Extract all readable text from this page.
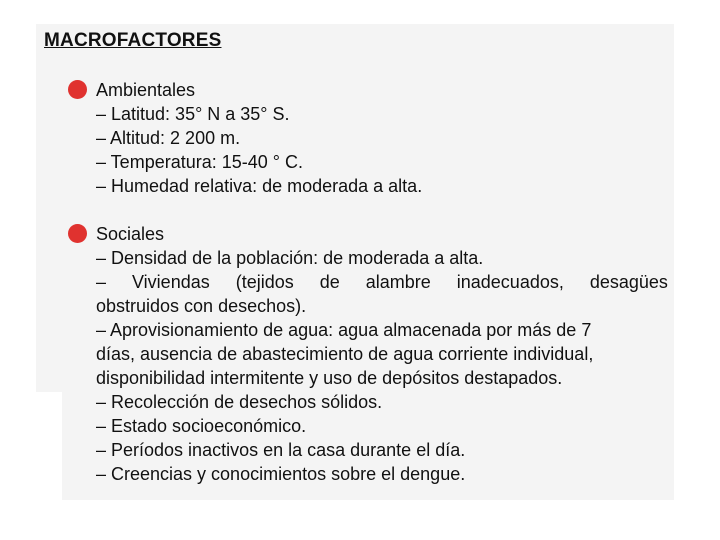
MACROFACTORES
Ambientales
– Latitud: 35° N a 35° S.
– Altitud: 2 200 m.
– Temperatura: 15-40 ° C.
– Humedad relativa: de moderada a alta.
Sociales
– Densidad de la población: de moderada a alta.
– Viviendas (tejidos de alambre inadecuados, desagües
obstruidos con desechos).
– Aprovisionamiento de agua: agua almacenada por más de 7
días, ausencia de abastecimiento de agua corriente individual,
disponibilidad intermitente y uso de depósitos destapados.
– Recolección de desechos sólidos.
– Estado socioeconómico.
– Períodos inactivos en la casa durante el día.
– Creencias y conocimientos sobre el dengue.
